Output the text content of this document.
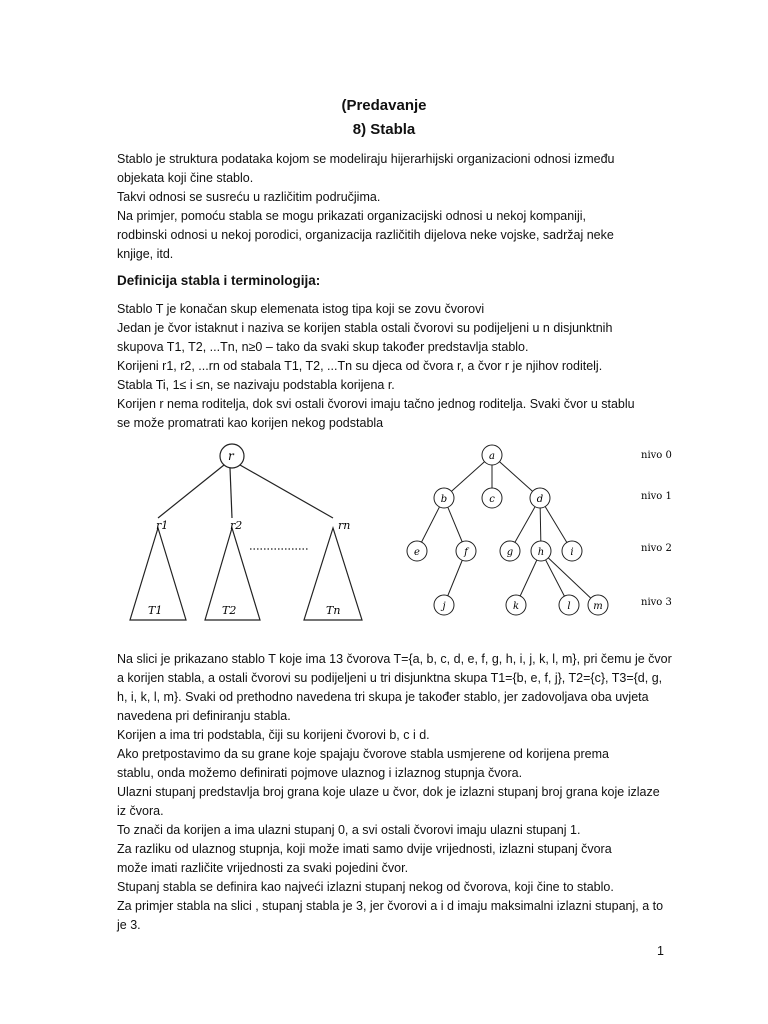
(Predavanje
8) Stabla
Stablo je struktura podataka kojom se modeliraju hijerarhijski organizacioni odnosi između
objekata koji čine stablo.
Takvi odnosi se susreću u različitim područjima.
Na primjer, pomoću stabla se mogu prikazati organizacijski odnosi u nekoj kompaniji,
rodbinski odnosi u nekoj porodici, organizacija različitih dijelova neke vojske, sadržaj neke
knjige, itd.
Definicija stabla i terminologija:
Stablo T je konačan skup elemenata istog tipa koji se zovu čvorovi
Jedan je čvor istaknut i naziva se korijen stabla ostali čvorovi su podijeljeni u n disjunktnih
skupova T1, T2, ...Tn, n≥0 – tako da svaki skup također predstavlja stablo.
Korijeni r1, r2, ...rn od stabala T1, T2, ...Tn su djeca od čvora r, a čvor r je njihov roditelj.
Stabla Ti, 1≤ i ≤n, se nazivaju podstabla korijena r.
Korijen r nema roditelja, dok svi ostali čvorovi imaju tačno jednog roditelja. Svaki čvor u stablu
se može promatrati kao korijen nekog podstabla
r
r1	r2	rn
T1	T2	Tn
a
b	c	d
e	f	g h	i
j	k	l m
nivo 0
nivo 1
nivo 2
nivo 3
Na slici je prikazano stablo T koje ima 13 čvorova T={a, b, c, d, e, f, g, h, i, j, k, l, m}, pri čemu je čvor
a korijen stabla, a ostali čvorovi su podijeljeni u tri disjunktna skupa T1={b, e, f, j}, T2={c}, T3={d, g,
h, i, k, l, m}. Svaki od prethodno navedena tri skupa je također stablo, jer zadovoljava oba uvjeta
navedena pri definiranju stabla.
Korijen a ima tri podstabla, čiji su korijeni čvorovi b, c i d.
Ako pretpostavimo da su grane koje spajaju čvorove stabla usmjerene od korijena prema
stablu, onda možemo definirati pojmove ulaznog i izlaznog stupnja čvora.
Ulazni stupanj predstavlja broj grana koje ulaze u čvor, dok je izlazni stupanj broj grana koje izlaze
iz čvora.
To znači da korijen a ima ulazni stupanj 0, a svi ostali čvorovi imaju ulazni stupanj 1.
Za razliku od ulaznog stupnja, koji može imati samo dvije vrijednosti, izlazni stupanj čvora
može imati različite vrijednosti za svaki pojedini čvor.
Stupanj stabla se definira kao najveći izlazni stupanj nekog od čvorova, koji čine to stablo.
Za primjer stabla na slici , stupanj stabla je 3, jer čvorovi a i d imaju maksimalni izlazni stupanj, a to
je 3.
1
